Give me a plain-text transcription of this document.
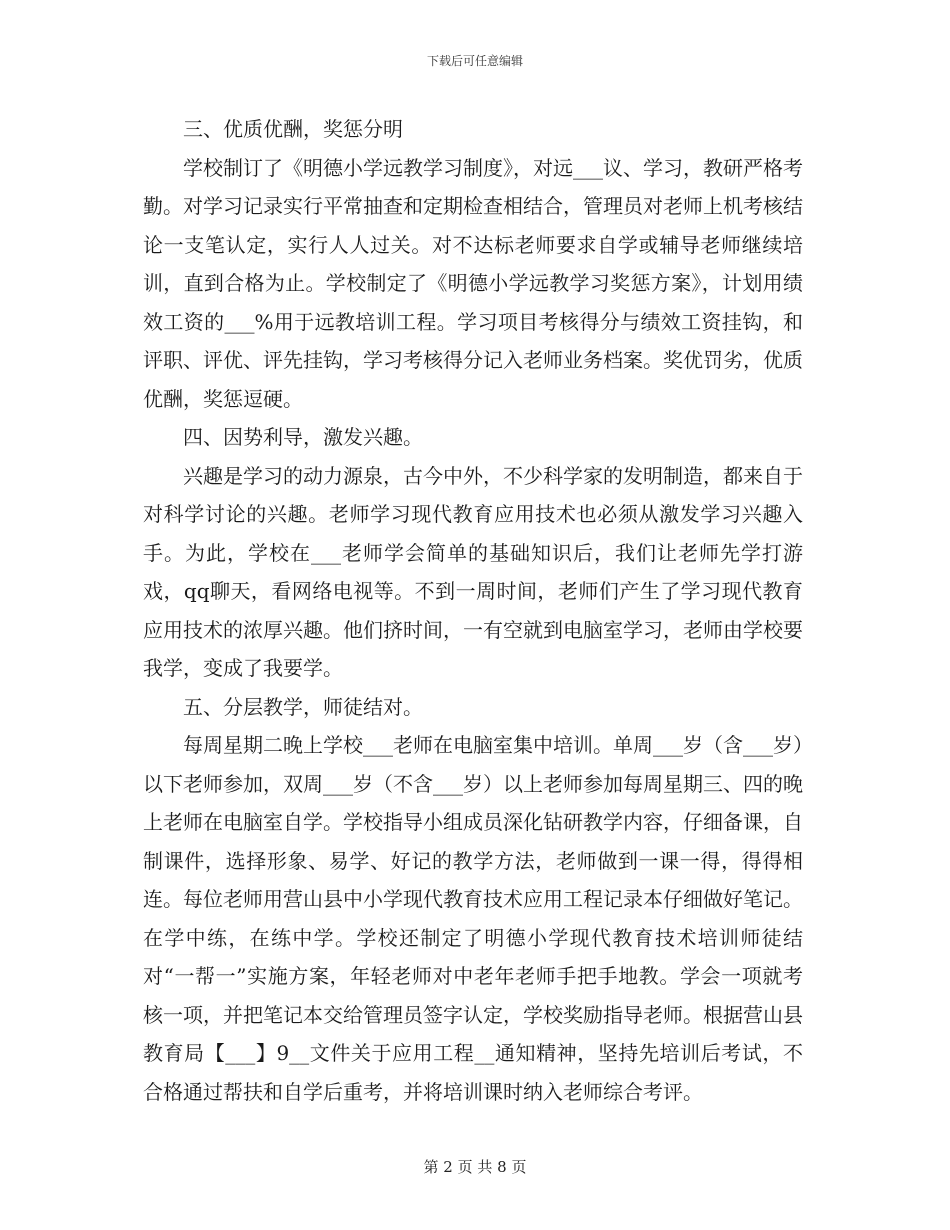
下载后可任意编辑

三、优质优酬，奖惩分明

学校制订了《明德小学远教学习制度》，对远___议、学习，教研严格考勤。对学习记录实行平常抽查和定期检查相结合，管理员对老师上机考核结论一支笔认定，实行人人过关。对不达标老师要求自学或辅导老师继续培训，直到合格为止。学校制定了《明德小学远教学习奖惩方案》，计划用绩效工资的___%用于远教培训工程。学习项目考核得分与绩效工资挂钩，和评职、评优、评先挂钩，学习考核得分记入老师业务档案。奖优罚劣，优质优酬，奖惩逗硬。

四、因势利导，激发兴趣。

兴趣是学习的动力源泉，古今中外，不少科学家的发明制造，都来自于对科学讨论的兴趣。老师学习现代教育应用技术也必须从激发学习兴趣入手。为此，学校在___老师学会简单的基础知识后，我们让老师先学打游戏，qq聊天，看网络电视等。不到一周时间，老师们产生了学习现代教育应用技术的浓厚兴趣。他们挤时间，一有空就到电脑室学习，老师由学校要我学，变成了我要学。

五、分层教学，师徒结对。

每周星期二晚上学校___老师在电脑室集中培训。单周___岁（含___岁）以下老师参加，双周___岁（不含___岁）以上老师参加每周星期三、四的晚上老师在电脑室自学。学校指导小组成员深化钻研教学内容，仔细备课，自制课件，选择形象、易学、好记的教学方法，老师做到一课一得，得得相连。每位老师用营山县中小学现代教育技术应用工程记录本仔细做好笔记。在学中练，在练中学。学校还制定了明德小学现代教育技术培训师徒结对“一帮一”实施方案，年轻老师对中老年老师手把手地教。学会一项就考核一项，并把笔记本交给管理员签字认定，学校奖励指导老师。根据营山县教育局【___】9__文件关于应用工程__通知精神，坚持先培训后考试，不合格通过帮扶和自学后重考，并将培训课时纳入老师综合考评。

第 2 页 共 8 页
